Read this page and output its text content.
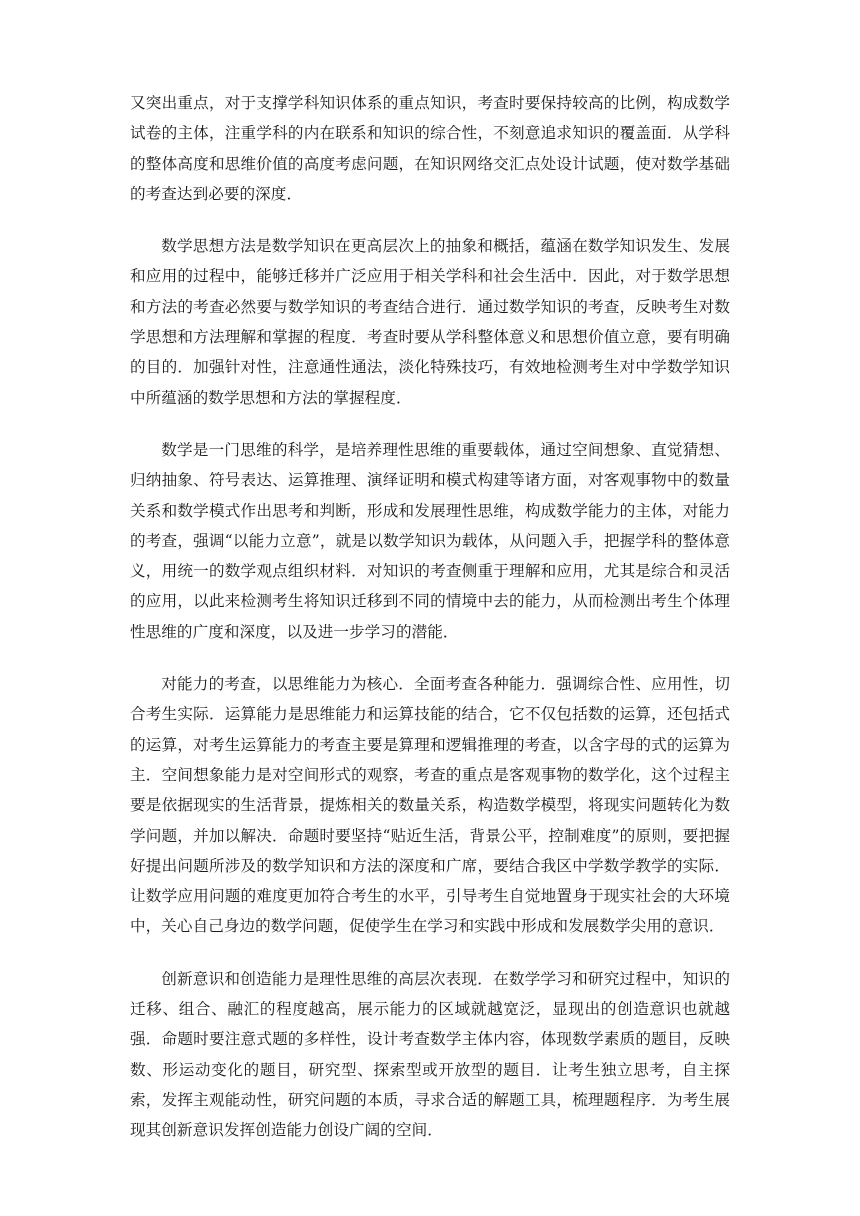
又突出重点，对于支撑学科知识体系的重点知识，考查时要保持较高的比例，构成数学试卷的主体，注重学科的内在联系和知识的综合性，不刻意追求知识的覆盖面．从学科的整体高度和思维价值的高度考虑问题，在知识网络交汇点处设计试题，使对数学基础的考查达到必要的深度．

数学思想方法是数学知识在更高层次上的抽象和概括，蕴涵在数学知识发生、发展和应用的过程中，能够迁移并广泛应用于相关学科和社会生活中．因此，对于数学思想和方法的考查必然要与数学知识的考查结合进行．通过数学知识的考查，反映考生对数学思想和方法理解和掌握的程度．考查时要从学科整体意义和思想价值立意，要有明确的目的．加强针对性，注意通性通法，淡化特殊技巧，有效地检测考生对中学数学知识中所蕴涵的数学思想和方法的掌握程度．

数学是一门思维的科学，是培养理性思维的重要载体，通过空间想象、直觉猜想、归纳抽象、符号表达、运算推理、演绎证明和模式构建等诸方面，对客观事物中的数量关系和数学模式作出思考和判断，形成和发展理性思维，构成数学能力的主体，对能力的考查，强调“以能力立意”，就是以数学知识为载体，从问题入手，把握学科的整体意义，用统一的数学观点组织材料．对知识的考查侧重于理解和应用，尤其是综合和灵活的应用，以此来检测考生将知识迁移到不同的情境中去的能力，从而检测出考生个体理性思维的广度和深度，以及进一步学习的潜能．

对能力的考查，以思维能力为核心．全面考查各种能力．强调综合性、应用性，切合考生实际．运算能力是思维能力和运算技能的结合，它不仅包括数的运算，还包括式的运算，对考生运算能力的考查主要是算理和逻辑推理的考查，以含字母的式的运算为主．空间想象能力是对空间形式的观察，考查的重点是客观事物的数学化，这个过程主要是依据现实的生活背景，提炼相关的数量关系，构造数学模型，将现实问题转化为数学问题，并加以解决．命题时要坚持“贴近生活，背景公平，控制难度”的原则，要把握好提出问题所涉及的数学知识和方法的深度和广席，要结合我区中学数学教学的实际．让数学应用问题的难度更加符合考生的水平，引导考生自觉地置身于现实社会的大环境中，关心自己身边的数学问题，促使学生在学习和实践中形成和发展数学尖用的意识．

创新意识和创造能力是理性思维的高层次表现．在数学学习和研究过程中，知识的迁移、组合、融汇的程度越高，展示能力的区域就越宽泛，显现出的创造意识也就越强．命题时要注意式题的多样性，设计考查数学主体内容，体现数学素质的题目，反映数、形运动变化的题目，研究型、探索型或开放型的题目．让考生独立思考，自主探索，发挥主观能动性，研究问题的本质，寻求合适的解题工具，梳理题程序．为考生展现其创新意识发挥创造能力创设广阔的空间．
